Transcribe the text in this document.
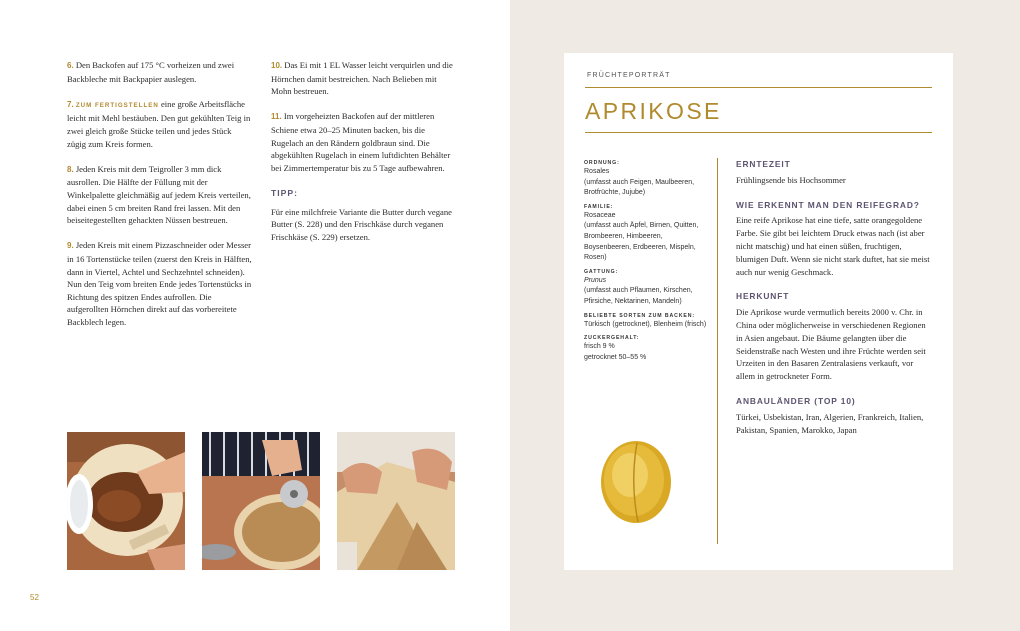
6. Den Backofen auf 175 °C vorheizen und zwei Backbleche mit Backpapier auslegen.

7. ZUM FERTIGSTELLEN eine große Arbeitsfläche leicht mit Mehl bestäuben. Den gut gekühlten Teig in zwei gleich große Stücke teilen und jedes Stück zügig zum Kreis formen.

8. Jeden Kreis mit dem Teigroller 3 mm dick ausrollen. Die Hälfte der Füllung mit der Winkelpalette gleichmäßig auf jedem Kreis verteilen, dabei einen 5 cm breiten Rand frei lassen. Mit den beiseitegestellten gehackten Nüssen bestreuen.

9. Jeden Kreis mit einem Pizzaschneider oder Messer in 16 Tortenstücke teilen (zuerst den Kreis in Hälften, dann in Viertel, Achtel und Sechzehntel schneiden). Nun den Teig vom breiten Ende jedes Tortenstücks in Richtung des spitzen Endes aufrollen. Die aufgerollten Hörnchen direkt auf das vorbereitete Backblech legen.

10. Das Ei mit 1 EL Wasser leicht verquirlen und die Hörnchen damit bestreichen. Nach Belieben mit Mohn bestreuen.

11. Im vorgeheizten Backofen auf der mittleren Schiene etwa 20–25 Minuten backen, bis die Rugelach an den Rändern goldbraun sind. Die abgekühlten Rugelach in einem luftdichten Behälter bei Zimmertemperatur bis zu 5 Tage aufbewahren.

TIPP:

Für eine milchfreie Variante die Butter durch vegane Butter (S. 228) und den Frischkäse durch veganen Frischkäse (S. 229) ersetzen.

52
FRÜCHTEPORTRÄT
APRIKOSE
ORDNUNG:
Rosales
(umfasst auch Feigen, Maulbeeren, Brotfrüchte, Jujube)
FAMILIE:
Rosaceae
(umfasst auch Äpfel, Birnen, Quitten, Brombeeren, Himbeeren, Boysenbeeren, Erdbeeren, Mispeln, Rosen)
GATTUNG:
Prunus
(umfasst auch Pflaumen, Kirschen, Pfirsiche, Nektarinen, Mandeln)
BELIEBTE SORTEN ZUM BACKEN:
Türkisch (getrocknet), Blenheim (frisch)
ZUCKERGEHALT:
frisch 9 %
getrocknet 50–55 %
ERNTEZEIT
Frühlingsende bis Hochsommer
WIE ERKENNT MAN DEN REIFEGRAD?
Eine reife Aprikose hat eine tiefe, satte orangegoldene Farbe. Sie gibt bei leichtem Druck etwas nach (ist aber nicht matschig) und hat einen süßen, fruchtigen, blumigen Duft. Wenn sie nicht stark duftet, hat sie meist auch nur wenig Geschmack.
HERKUNFT
Die Aprikose wurde vermutlich bereits 2000 v. Chr. in China oder möglicherweise in verschiedenen Regionen in Asien angebaut. Die Bäume gelangten über die Seidenstraße nach Westen und ihre Früchte werden seit Urzeiten in den Basaren Zentralasiens verkauft, vor allem in getrockneter Form.
ANBAULÄNDER (TOP 10)
Türkei, Usbekistan, Iran, Algerien, Frankreich, Italien, Pakistan, Spanien, Marokko, Japan
